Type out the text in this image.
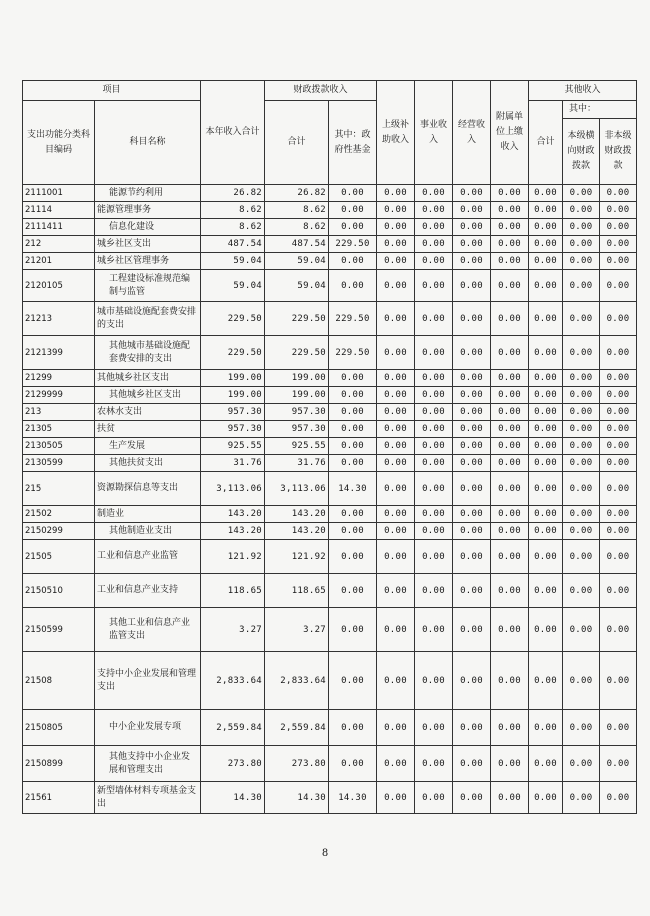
项目		本年收入合计	财政拨款收入		上级补助收入	事业收入	经营收入	附属单位上缴收入	其他收入		
支出功能分类科目编码	科目名称		合计	其中：政府性基金					合计	其中：	
										本级横向财政拨款	非本级财政拨款
2111001	能源节约利用	26.82	26.82	0.00	0.00	0.00	0.00	0.00	0.00	0.00	0.00
21114	能源管理事务	8.62	8.62	0.00	0.00	0.00	0.00	0.00	0.00	0.00	0.00
2111411	信息化建设	8.62	8.62	0.00	0.00	0.00	0.00	0.00	0.00	0.00	0.00
212	城乡社区支出	487.54	487.54	229.50	0.00	0.00	0.00	0.00	0.00	0.00	0.00
21201	城乡社区管理事务	59.04	59.04	0.00	0.00	0.00	0.00	0.00	0.00	0.00	0.00
2120105	工程建设标准规范编制与监管	59.04	59.04	0.00	0.00	0.00	0.00	0.00	0.00	0.00	0.00
21213	城市基础设施配套费安排的支出	229.50	229.50	229.50	0.00	0.00	0.00	0.00	0.00	0.00	0.00
2121399	其他城市基础设施配套费安排的支出	229.50	229.50	229.50	0.00	0.00	0.00	0.00	0.00	0.00	0.00
21299	其他城乡社区支出	199.00	199.00	0.00	0.00	0.00	0.00	0.00	0.00	0.00	0.00
2129999	其他城乡社区支出	199.00	199.00	0.00	0.00	0.00	0.00	0.00	0.00	0.00	0.00
213	农林水支出	957.30	957.30	0.00	0.00	0.00	0.00	0.00	0.00	0.00	0.00
21305	扶贫	957.30	957.30	0.00	0.00	0.00	0.00	0.00	0.00	0.00	0.00
2130505	生产发展	925.55	925.55	0.00	0.00	0.00	0.00	0.00	0.00	0.00	0.00
2130599	其他扶贫支出	31.76	31.76	0.00	0.00	0.00	0.00	0.00	0.00	0.00	0.00
215	资源勘探信息等支出	3,113.06	3,113.06	14.30	0.00	0.00	0.00	0.00	0.00	0.00	0.00
21502	制造业	143.20	143.20	0.00	0.00	0.00	0.00	0.00	0.00	0.00	0.00
2150299	其他制造业支出	143.20	143.20	0.00	0.00	0.00	0.00	0.00	0.00	0.00	0.00
21505	工业和信息产业监管	121.92	121.92	0.00	0.00	0.00	0.00	0.00	0.00	0.00	0.00
2150510	工业和信息产业支持	118.65	118.65	0.00	0.00	0.00	0.00	0.00	0.00	0.00	0.00
2150599	其他工业和信息产业监管支出	3.27	3.27	0.00	0.00	0.00	0.00	0.00	0.00	0.00	0.00
21508	支持中小企业发展和管理支出	2,833.64	2,833.64	0.00	0.00	0.00	0.00	0.00	0.00	0.00	0.00
2150805	中小企业发展专项	2,559.84	2,559.84	0.00	0.00	0.00	0.00	0.00	0.00	0.00	0.00
2150899	其他支持中小企业发展和管理支出	273.80	273.80	0.00	0.00	0.00	0.00	0.00	0.00	0.00	0.00
21561	新型墙体材料专项基金支出	14.30	14.30	14.30	0.00	0.00	0.00	0.00	0.00	0.00	0.00
8
